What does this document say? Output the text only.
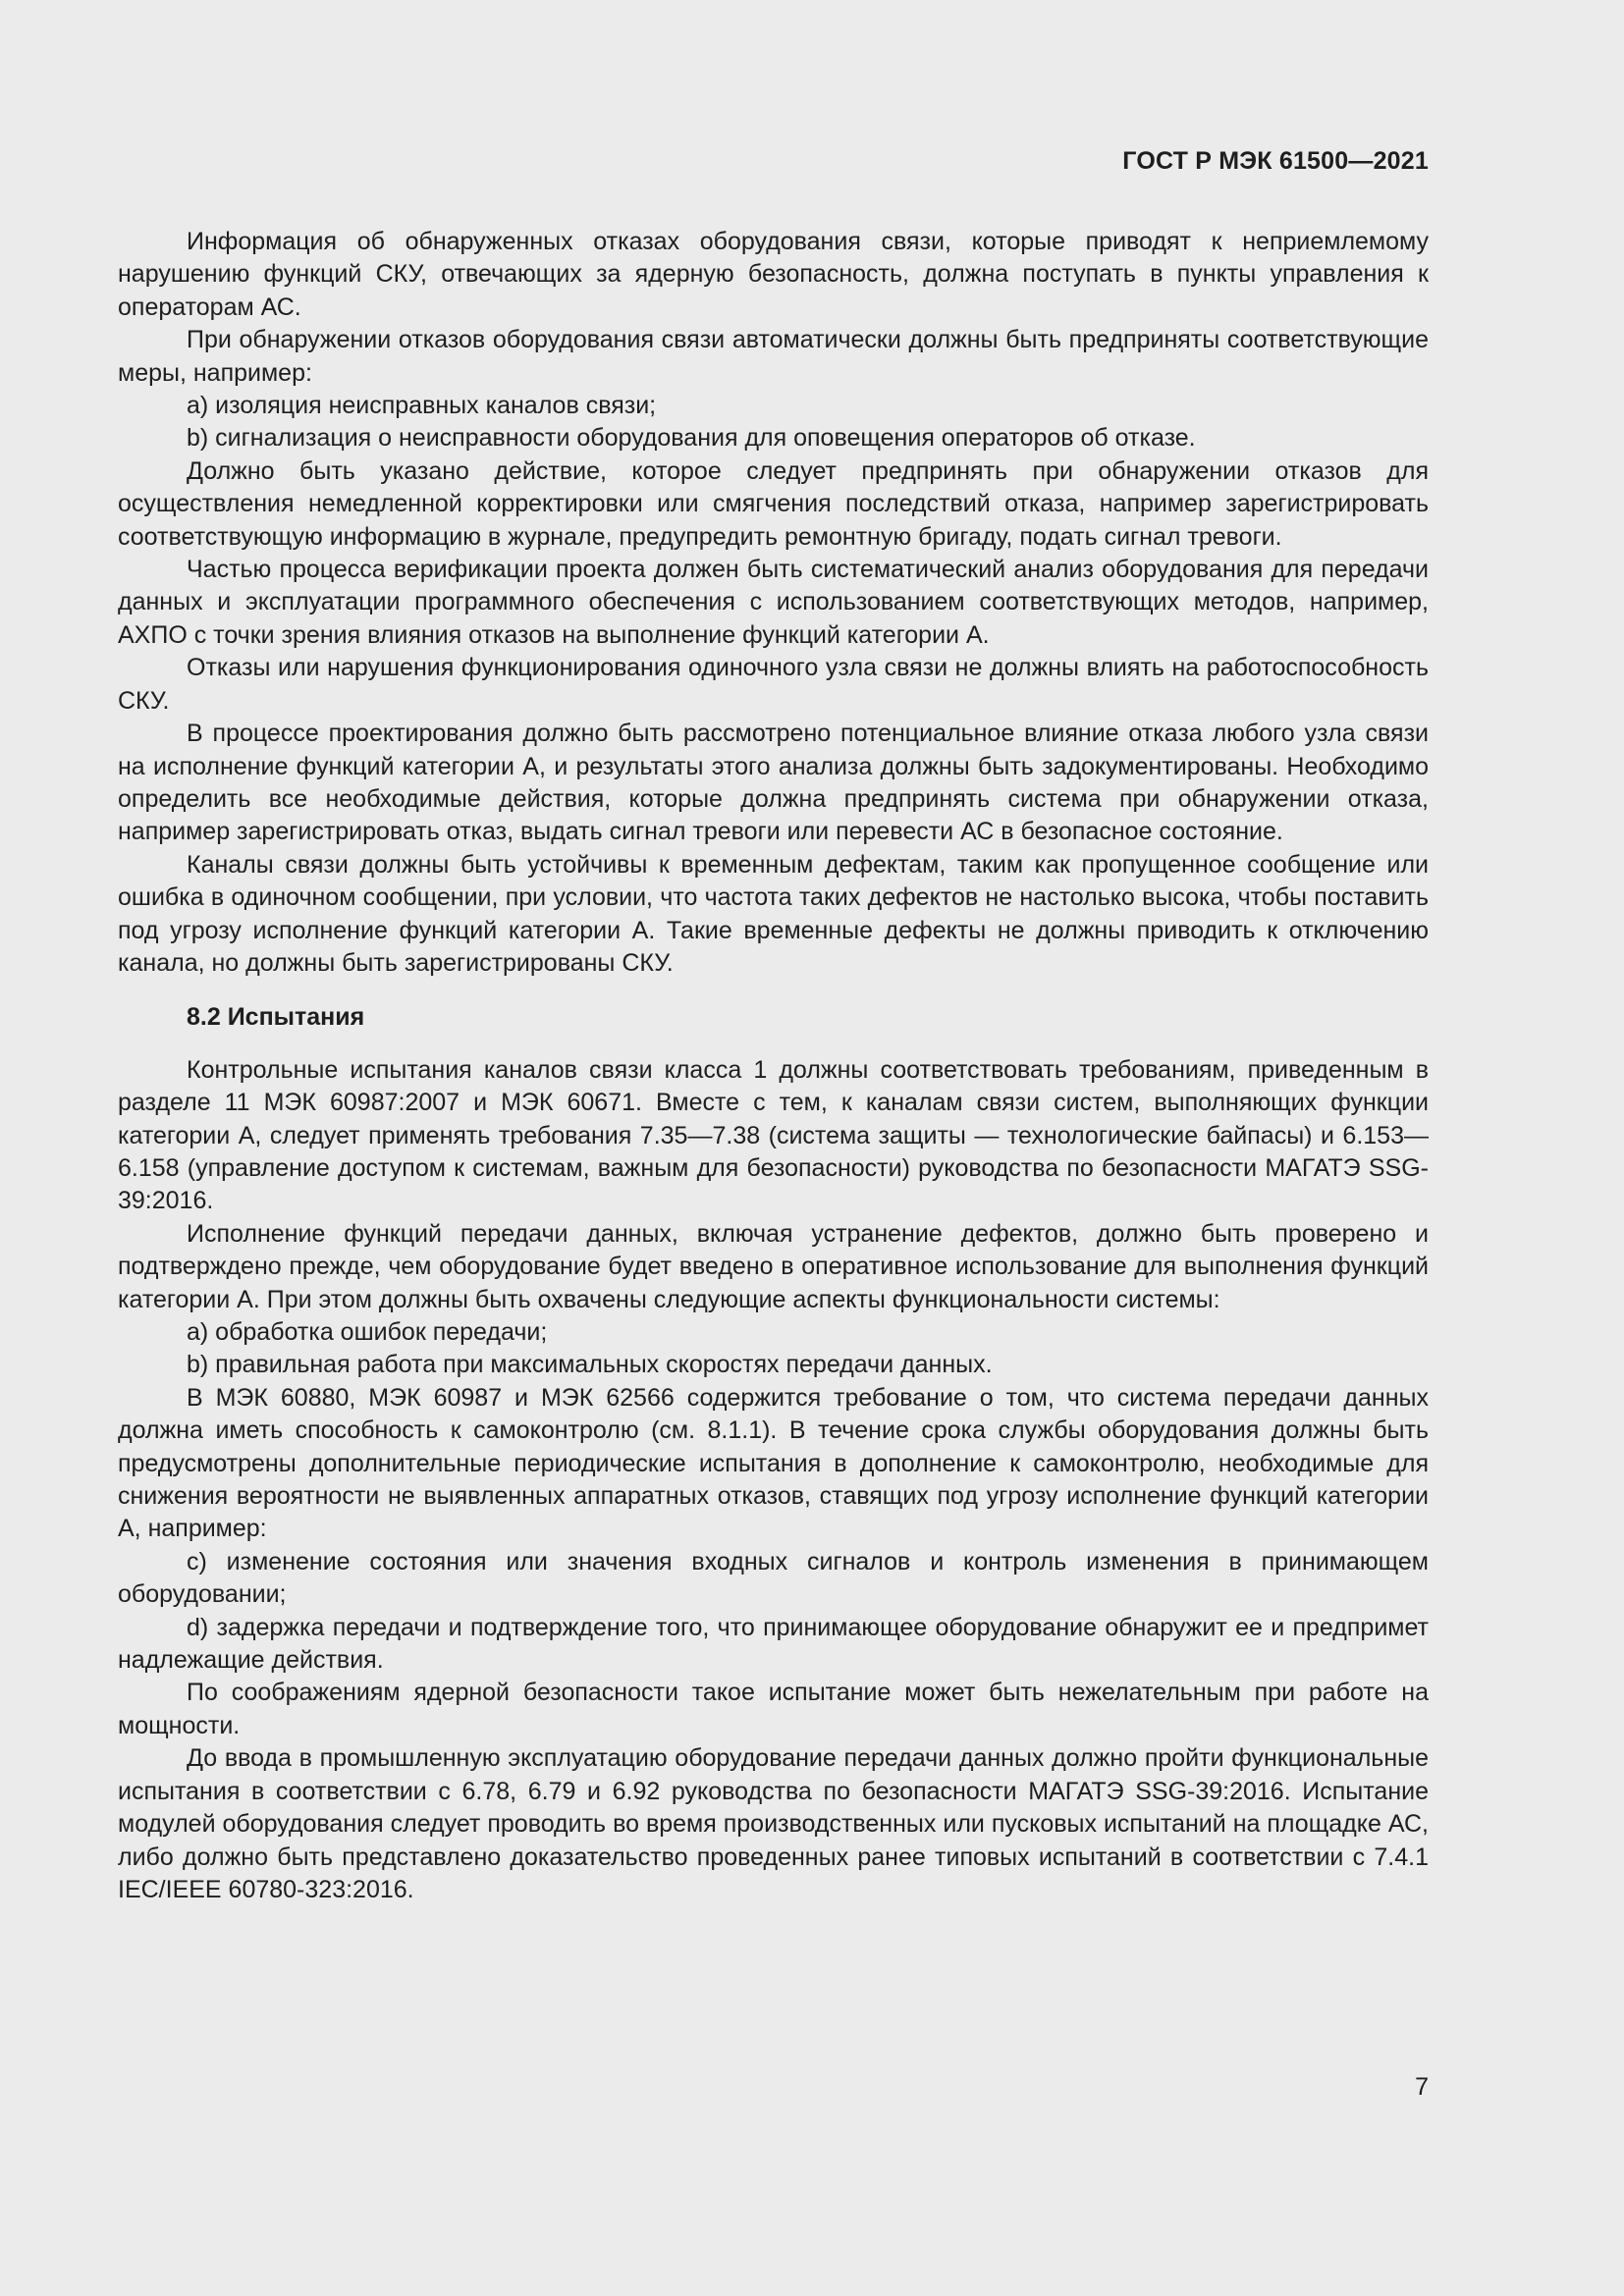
ГОСТ Р МЭК 61500—2021

Информация об обнаруженных отказах оборудования связи, которые приводят к неприемлемому нарушению функций СКУ, отвечающих за ядерную безопасность, должна поступать в пункты управления к операторам АС.

При обнаружении отказов оборудования связи автоматически должны быть предприняты соответствующие меры, например:

a) изоляция неисправных каналов связи;

b) сигнализация о неисправности оборудования для оповещения операторов об отказе.

Должно быть указано действие, которое следует предпринять при обнаружении отказов для осуществления немедленной корректировки или смягчения последствий отказа, например зарегистрировать соответствующую информацию в журнале, предупредить ремонтную бригаду, подать сигнал тревоги.

Частью процесса верификации проекта должен быть систематический анализ оборудования для передачи данных и эксплуатации программного обеспечения с использованием соответствующих методов, например, АХПО с точки зрения влияния отказов на выполнение функций категории А.

Отказы или нарушения функционирования одиночного узла связи не должны влиять на работоспособность СКУ.

В процессе проектирования должно быть рассмотрено потенциальное влияние отказа любого узла связи на исполнение функций категории А, и результаты этого анализа должны быть задокументированы. Необходимо определить все необходимые действия, которые должна предпринять система при обнаружении отказа, например зарегистрировать отказ, выдать сигнал тревоги или перевести АС в безопасное состояние.

Каналы связи должны быть устойчивы к временным дефектам, таким как пропущенное сообщение или ошибка в одиночном сообщении, при условии, что частота таких дефектов не настолько высока, чтобы поставить под угрозу исполнение функций категории А. Такие временные дефекты не должны приводить к отключению канала, но должны быть зарегистрированы СКУ.

8.2 Испытания

Контрольные испытания каналов связи класса 1 должны соответствовать требованиям, приведенным в разделе 11 МЭК 60987:2007 и МЭК 60671. Вместе с тем, к каналам связи систем, выполняющих функции категории А, следует применять требования 7.35—7.38 (система защиты — технологические байпасы) и 6.153—6.158 (управление доступом к системам, важным для безопасности) руководства по безопасности МАГАТЭ SSG-39:2016.

Исполнение функций передачи данных, включая устранение дефектов, должно быть проверено и подтверждено прежде, чем оборудование будет введено в оперативное использование для выполнения функций категории А. При этом должны быть охвачены следующие аспекты функциональности системы:

a) обработка ошибок передачи;

b) правильная работа при максимальных скоростях передачи данных.

В МЭК 60880, МЭК 60987 и МЭК 62566 содержится требование о том, что система передачи данных должна иметь способность к самоконтролю (см. 8.1.1). В течение срока службы оборудования должны быть предусмотрены дополнительные периодические испытания в дополнение к самоконтролю, необходимые для снижения вероятности не выявленных аппаратных отказов, ставящих под угрозу исполнение функций категории А, например:

c) изменение состояния или значения входных сигналов и контроль изменения в принимающем оборудовании;

d) задержка передачи и подтверждение того, что принимающее оборудование обнаружит ее и предпримет надлежащие действия.

По соображениям ядерной безопасности такое испытание может быть нежелательным при работе на мощности.

До ввода в промышленную эксплуатацию оборудование передачи данных должно пройти функциональные испытания в соответствии с 6.78, 6.79 и 6.92 руководства по безопасности МАГАТЭ SSG-39:2016. Испытание модулей оборудования следует проводить во время производственных или пусковых испытаний на площадке АС, либо должно быть представлено доказательство проведенных ранее типовых испытаний в соответствии с 7.4.1 IEC/IEEE 60780-323:2016.

7
